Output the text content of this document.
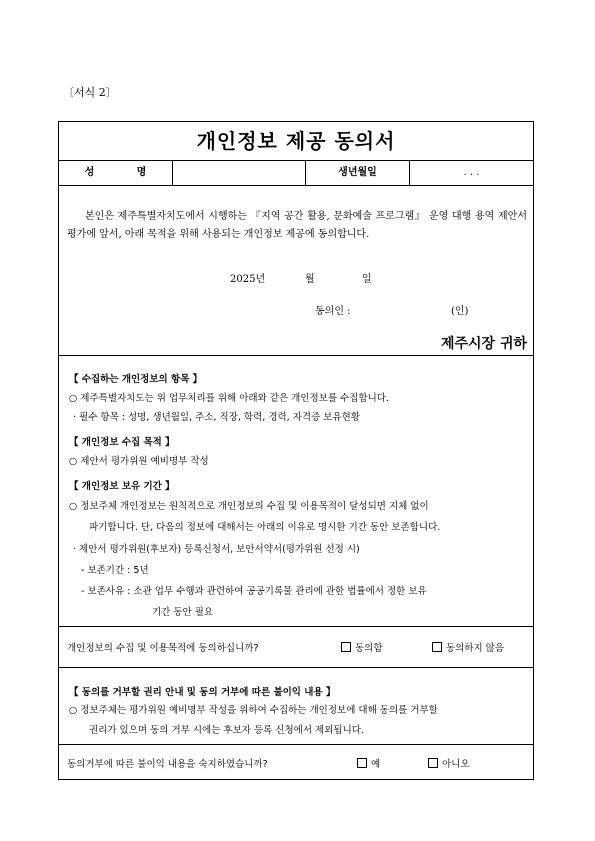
〔서식 2〕
개인정보 제공 동의서
성	명	생년월일	. . .
본인은 제주특별자치도에서 시행하는 『지역 공간 활용, 문화예술 프로그램』 운영 대행 용역 제안서 평가에 앞서, 아래 목적을 위해 사용되는 개인정보 제공에 동의합니다.
2025년	월	일
동의인 :	(인)
제주시장 귀하
【 수집하는 개인정보의 항목 】
○ 제주특별자치도는 위 업무처리를 위해 아래와 같은 개인정보를 수집합니다.
· 필수 항목 : 성명, 생년월일, 주소, 직장, 학력, 경력, 자격증 보유현황
【 개인정보 수집 목적 】
○ 제안서 평가위원 예비명부 작성
【 개인정보 보유 기간 】
○ 정보주체 개인정보는 원칙적으로 개인정보의 수집 및 이용목적이 달성되면 지체 없이
파기합니다. 단, 다음의 정보에 대해서는 아래의 이유로 명시한 기간 동안 보존합니다.
· 제안서 평가위원(후보자) 등록신청서, 보안서약서(평가위원 선정 시)
- 보존기간 : 5년
- 보존사유 : 소관 업무 수행과 관련하여 공공기록물 관리에 관한 법률에서 정한 보유
기간 동안 필요
개인정보의 수집 및 이용목적에 동의하십니까?	동의함	동의하지 않음
【 동의를 거부할 권리 안내 및 동의 거부에 따른 불이익 내용 】
○ 정보주체는 평가위원 예비명부 작성을 위하여 수집하는 개인정보에 대해 동의를 거부할
권리가 있으며 동의 거부 시에는 후보자 등록 신청에서 제외됩니다.
동의거부에 따른 불이익 내용을 숙지하였습니까?	예	아니오
